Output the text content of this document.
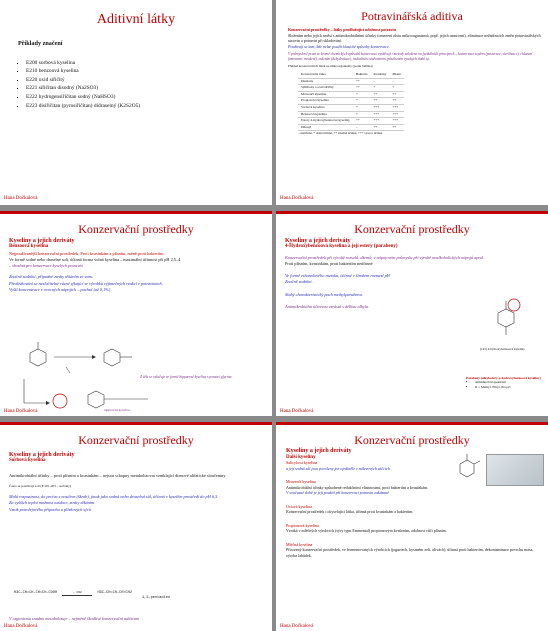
Aditivní látky

Příklady značení

▪ E200 sorbová kyselina
▪ E210 benzoová kyselina
▪ E220 oxid siřičitý
▪ E221 siřičitan disodný (Na2SO3)
▪ E222 hydrogensiřičitan sodný (NaHSO3)
▪ E223 disiřičitan (pyrosiřičitan) didraselný (K2S2O5)
Hana Dočkalová
Potravinářská aditiva

Konzervační prostředky – látky prodlužující udržnost potravin

Složením nebo jejich směsí s antimikrobiálními účinky (omezení růstu mikroorganismů, popř. jejich usmrcení), eliminace nežádoucích změn potravinářských surovin a potravin při skladování.

Používají se tam, kde nelze použít klasické způsoby konzervace.

V průmyslové praxi se kromě chemických způsobů konzervace využívají i metody založené na fyzikálních principech – konzervace teplem (pasterace, sterilizace), chlazení (zmrazení, mražení), sušením (dehydratace), radiačním ozařováním, působením vysokých tlaků aj.

Přehled konzervačních látek na mikroorganismy (podle Velíška)

Konzervační látka	Bakterie	Kvasinky	Plísně
Dusitany	++	–	–
Siřičitany a oxid siřičitý	++	+	+
Mravenčí kyselina	+	++	++
Propionová kyselina	+	++	++
Sorbová kyselina	+	+++	+++
Benzoová kyselina	+	+++	+++
Estery 4-hydroxybenzoové kyseliny	++	+++	+++
Difenyl	–	++	++

– neúčinné, + slabě účinné, ++ středně účinné, +++ vysoce účinné

Hana Dočkalová
Konzervační prostředky

Kyseliny a jejich deriváty

Benzoová kyselina

Nejpoužívanější konzervační prostředek. Proti kvasinkám a plísním, méně proti bakteriím.

Ve formě sodné nebo draselné soli, účinná forma volná kyselina – maximální účinnost při pH 2,5–4

– vhodná pro konzervaci kyselých potravin

Značně stabilní, případné ztráty těkáním ze varu.

Předávkování se neslučitelné různé týkající se výrobků výjimečných reakcí v potravinách.

Vyšší koncentrace v ovocných nápojích – pachuť (až 0,1%)

Z těla se vylučuje ve formě hippurové kyseliny s pomocí glycinu

hippurová kyselina

Hana Dočkalová
Konzervační prostředky

Kyseliny a jejich deriváty

4-Hydroxybenzoová kyselina a její estery (parabeny)

Konzervační prostředek při výrobě rozsolů, džemů, v nápojovém průmyslu při výrobě nealkoholických nápojů apod.

Proti plísním, kvasinkám, proti bakteriím neúčinné

Ve formě ethanolového roztoku, účinné v širokém rozmezí pH

Značně stabilní.

Slabý charakteristický pach methylparabenu.

Antimikrobiální účinnost vzrůstá s délkou alkylu.

(145) 4-hydroxybenzoové kyseliny

Parabeny (alkylestery p-hydroxybenzoové kyseliny)

• antimikrobní spektrum
• R = Methyl, Ethyl, Propyl
Hana Dočkalová
Konzervační prostředky

Kyseliny a jejich deriváty

Sorbová kyselina

Antimikrobiální účinky – proti plísním a kvasinkám – nejsou schopny metabolizovat vzniklajicí dienové alifatické sloučeniny

Často se používají soli (E 201-203 – sorbany)

Malá rozpustnost, do peciva s nosičem (škrob), jinak jako sodná nebo draselná sůl, účinná v kyselém prostředí do pH 6,5.

Za vyšších teplot možnost oxidace, ztráty těkáním.

Vznik petrolejového přípachu u plísňových sýrů

H3C–CH=CH–CH=CH–COOH	– CO2	H3C–CH=CH–CH=CH2

1,3-pentadien

V organismu snadno metabolizuje – nejméně škodlivé konzervační aditivum

Hana Dočkalová
Konzervační prostředky

Kyseliny a jejich deriváty

Další kyseliny

Salicylová kyselina

a její sodná sůl jsou povoleny jen ojediněle v nálevových sáčcích

Mravenčí kyselina

Antimikrobiální účinky způsobené redukčními vlastnostmi, proti bakteriím a kvasinkám.

V současné době je její použití při konzervaci potravin zakázané

Octová kyselina

Konzervační prostředek i okyselující látka, účinná proti kvasinkám a bakteriím.

Propionová kyselina

Vzniká v mléčných výrobcích (sýry typu Emmental) propionovým kvašením, odolnost vůči plísním.

Mléčná kyselina

Přirozený konzervační prostředek, ve fermentovaných výrobcích (jogurtech, kysaném zelí, olivách), účinná proti bakteriím, dekontaminace povrchu masa, výroba lahůdek.

Hana Dočkalová
